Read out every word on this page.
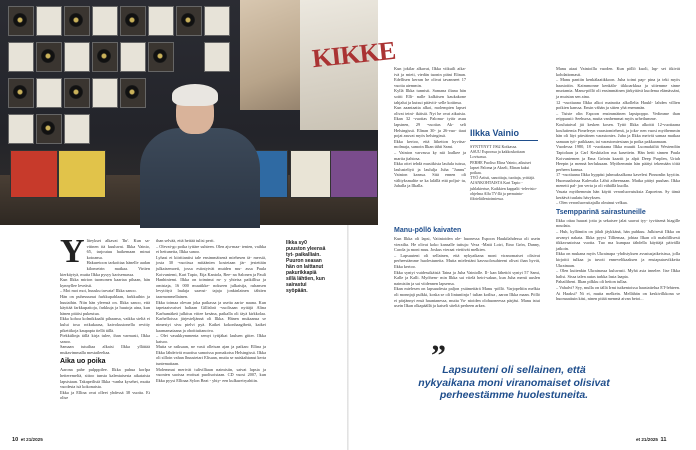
KIKKE
Y liteykset alkavat 'Ihr'. Kun sa- vitinen itä kuuluvat. Ilkka Vainio, 65, tarjoutuu haikemaan minut kotoansa.
Hakuretoon tarkoittaa hänelle aadan kilometrin matkaa. Virtien kierkäytyä, mutta Ilkka pysyy karisemassa.
Kun Ilkka mirion tuomonen kaartaa pihaan, hän kynnyllee leveästi.
– Moi moi moi, huusku tarvata! Ilkka sanoo.
Hän on puhesuunut furkkupahlaan, farkkuihin ja huutaihin. Niin hän yleensä on. Ilkka sanoo, että käyttää farkkupaitoja, farkkuja ja huutoja aina, kun hänen pitäisi pukeutua.
Ilkka kohoa kolmikkaalti pihaansa, vaikka sieltä ei kului tosa rotkukaasa, kaivokustonella revitty pikettikoja kaupapta tiellä tällä.
Piekkülinja tällä kirja tulee, ihan varmasti, Ilkka sanoo.
Samaan tutuiltaa alkaisi Ilkka yllättää mukavimmalla mestaileeltaa.
Aika uo poika
Aarona pahe pulpppilee. Ilkka puhua korlpa hetteremeltä, sittoo tunsta kalentaisesta aikataista lapsistaan. Takapeilistä Ilkka -vanha kysehet, mutta vuodesta isä kokonaista.
Ilkka ja Ellina ovat olleet yhdessä 38 vuotta. Et olise
than selvää, että heitää tulisi perit.
– Olevat-go poika tyttäre suhteen. Olen aju-maa- tenien, vaihka ei hettuneita, Ilkka sanoo.
Lyhasi et kiiritiantisi tale ensimmäisenä miehesen tä- mersiä, josta 30 -vuotissa mitäänien kosteiaan jär- jestettäin julkaisemoeti, jossa esiintyivät muiden mu- assa Paula Koivuniemi, Kari Tapio, Eija Kantola, Ree- na Salonen ja Pauli Hanhiniemi. Ilkka on toiminut m- y yhteisa paikillisa ja omistaja, 16 000 muutikke- nokseen julkaisija, ruhansen levytötyä laulaja saavut- tajaja jonkinlainen tähtien taarmonmellainen.
Ilkka toimaa olevan joka paikassa ja useita aaria- naana. Kun tapetaaisvaiset haltaan Gillisbrä -vuolisaan nyttäjä Alina Karhumäkeä julkitus viitee kesäna, paikalla oli täyä kirkkolaa. Karhelloissa järjesteljännä oli Ilkka. Hänen mukaansa se nimestyi sivu pielvi pyä. Kaikei kokonhaagibetä, kaikei kaamamataana ja ohoittuitanoiva.
– Olei vasukkymmenta semyt tyttjäkat lauluen gitter. Ilkka katsoo.
Mutta se raiksaan, ne vasti olleisan ajan ja paikan: Ellina ja Ilkka lähdeivät muotisa samoissa pomakotsa Helsingissä. Ilkka oli silloin vahan lbuustetari Elisaan, mutta se naiskahtanut kerta tuntemattaan.
Molemmat merivät tulivilliaan naimisiin, satvat lapsia ja vuonien saoissa erottsat puolisoistaan. CD vuosi 2007, kun Ilkka pyysi Ellinaa Sylon Beat - yhty- een kulkureiryahtiin.
Ilkka sy0 puuston yleensä tyt- paikalliain. Puuron seasan hän on laittanut pakurikkapiä sillä lähtien, kun sairastui syöpään.
Kun jokilar alkavat, Ilkka viikuili aika- ivä ja mieti, viedän tuonin piäni Elinan. Edellisen kerran he olivat tavanneet 17 vuotta aiemmin.
Kyllä Ilkka tunnisti. Samana iltana hän soitti Elli- nalle kalkitsen kaukakone tahjalui ja kutsui pitävitt- selle kotiinsa.
Kun aaantaatta alkoi, molempien lapset olivat teini- ikäisiä. Nyt he ovat aikuisia. Ilkan 32 -vuotias Paloma- tytär asuu lapsinen, 29 -vuotias Ak- seli Helsingissä. Elinan 30- ja 26-vuo- tiaat pojat asuvat myös helsingissä.
Ilkka kertoo, että liiketton hyvitsa- molmaja, samoin Ilkan tähti Sami.
– Vainion varvassa ky niä loalkee ja martia jiahtosa.
Ilkka ottei tehdä musiikista laulula tuissa, laulusteliyä ja laululja Juha "Junnu" Vainion kanssa. Sitä ennen oli välityksmaltte se ka lalällä että poljat- tu, Juhalla ja Ilkalla.
Manu-pöllö kaivaten
Kun Ilkka oli lapsi, Vaiinioiden ole- huonessa Espoon Haukilahdessa oli usein vierailta. He olivat koko kansalle tuttuja: Vexa -Matti Loiri, Eino Grön, Danny, Carola ja moni muu. Joskus vieraat viettivät melkien.
– Lapsuuteni oli sellainen, että nykyaikana moni viranomaiset olisivat perheestämme huolestuneita. Mutta mielestäni kasvuolosuhteeni olivat ihan hyvät, Ilkka kertoo.
Ilkka syntyi vuidessikäisiä Taina ja Juha Vainiolle. Il- kan lähettöt syntyi 57 Sami, Kalle ja Kalli. Myöhem- min Ilkka sai viielä heiri-sakun, kun Juha menti uuslen naimisiin ja sai viidennen lapsensa.
Ilkan mielesen on lapsuudesta paljon ystämeitärä Manu -pöllö. Varjopeltiin melkia oli monnjaji pulkki, koska se oli lintuniinja ! tulian kotlisa , aaron Ilkka maan. Pöllö ei pärjännyt ensä hauntanessa, mutta Va- nioiden olohuoneessa pärjäsi. Manu istui usein Ilkan olkapäällä ja katseli siteltä perheen arkea.
Ilkka Vainio
SYNTYNYT 1962 Kotkassa.
ASUU Espoossa ja kakkoskotiaan Lovisassa.
PERHE Puoliso Elina Vainio, aikuiset lapset Paloma ja Akseli, Elinan kaksi poikaa.
TYÖ Artisti, sanoittaja, tuottaja, yrittäjä.
AJANKOHTAISTA Kari Tapio -juhlakiertue, Kaikkien kappalit -televisio-ohjelma Alfa TV:llä ja pernuinto-filtrieläilentoimiessa.
”
Lapsuuteni oli sellainen, että nykyaikana moni viranomaiset olisivat perheestämme huolestuneita.
Manu aiaai Vainioilla vuoden. Kun pöllö kuoli, lap- set itkivät kohdattomasti.
– Manu pantiin kenkälaatikkoon. Juha toimi pap- pina ja teki myös haastoitin. Kaimmonne kenkäla- tikkoarkkua ja siitemme sinne murtamia. Manu-pöllö oli ensimmäinen järkyttävä kuolema elämässäni, ja muistan sen aina.
12 -vuotiaana Ilkka alkoi mainoita alkollelta Haukl- lahden villien poikien kanssa. Ensin vähän ja sitten yhä enemmän.
– Tuiste olin Espoon ensimmäinen lapsipoppo. Vedimme than reippaasti: Seehursa, mutta vanhemmat myös urheilumme.
Koulutaival jäi kesken kosen. Tyttö Ilkka alkoitti 12-vuotiaana koulutiemia Fimeleryn varastomiehenä, ja joka- nen vuosi myöhemmin hän oli läyt pärväinen varastonies. Juha ja Ilkka meivät samaa matkaa samaan työ- paikkaan, tai varastomiestaan ja poika pakkaamaan.
Vuodessa 1980, 18 -vuotiaana Ilkka muutti Luomakiiltä Westendiin Tapiolaan ja Carl Keskitalon ma kasettein. Hän hetti sinnen Paula Koivuniemen ja Ema Grönin kaartit ja alpit Deep Purplen, Uriah Heepin ja mennä herlukuaan. Myöhemmin hän päätyi tekemään töitä perheen kanssa.
17 -vuotiaana Ilkka hyppäsi juhmuksalkona kavelesi Pinnonlin kyytiin. Huomaaloissa Kalevalia Lähti aiheensaan. Matka pättyi puuhan. Ilkka menetti pal- jon verta ja oli vähällä kuolla.
Vasata myöhemmin hän käytti veronluovutuksia Zapoeinn. Sy tämä keräävä tuulatu hävyksen.
– Olen veronluovuttajalla olminut velkaa.
Tsempparinä sairastuneille
Ilkka ottaa huurat jotta ja sekaisee jalat saavat tyy- tyväisenä hiagille noudata.
– Huh, kyllämiin on jälalt jäykkänä, hän puhkuu. Julkisesti Ilkka on arvanyt nakata. Ilkka pyysi Tilliemaa, johtaa Ilkan oli mahdillisesti tikkavaatoissa vuotta. Tuo ma kumpaa tähdella käyttäjä päivällä jatkoin.
Ilkka on mukana myös Ukrainapa -yhdistyksen avustusjatkeisissa, jolla kirjoitti tulkaa ja tuvoti ennevelikaaksen ja ensiaputarvikkeita Ukrainaan.
– Olen kuitenkin Ukrainassa kuluvasti. Myhä asia innelee. Itse Ilkka halisi. Sissa talen autas tarkka lasta laapta.
Pahailiheni. Ilkan pilkku oli heiton tullaa.
– Vahalvi? Syy, mulla on tällä Irmi tutkentoissa haastattelua ET-lehteen. Ai Haaksi? Ni ei, mutta melkein. Mellähän on keskivilkkona se huomaattuin käsi, ninen pitää menmä aivan betoi...
10 et 21/2025	et 21/2025 11
